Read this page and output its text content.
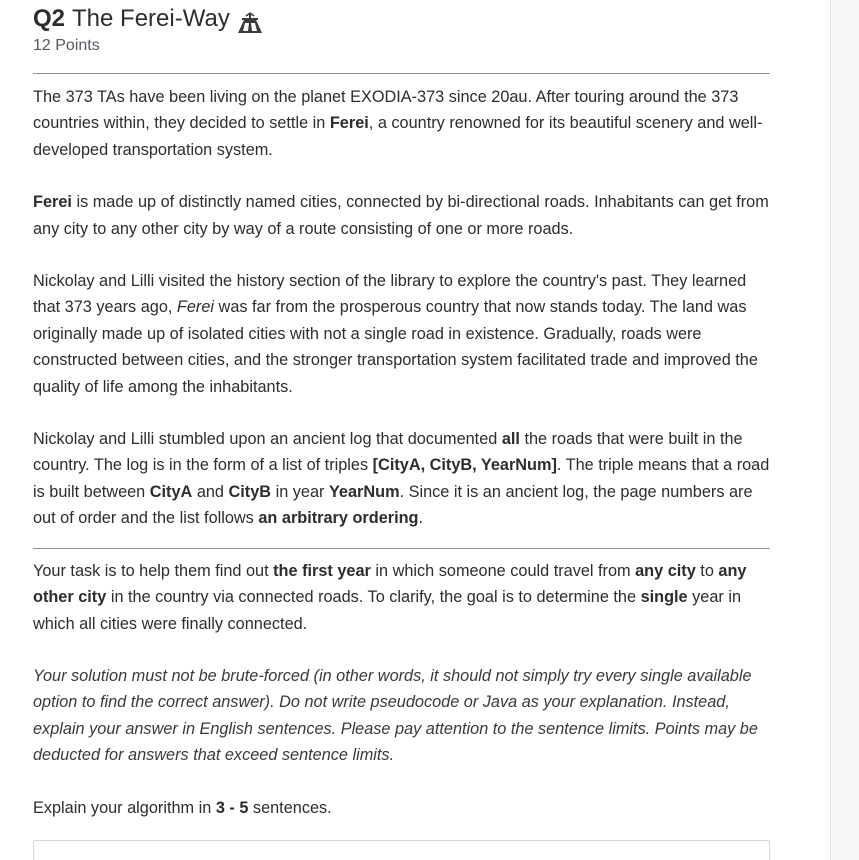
Q2 The Ferei-Way
12 Points

The 373 TAs have been living on the planet EXODIA-373 since 20au. After touring around the 373 countries within, they decided to settle in Ferei, a country renowned for its beautiful scenery and well-developed transportation system.

Ferei is made up of distinctly named cities, connected by bi-directional roads. Inhabitants can get from any city to any other city by way of a route consisting of one or more roads.

Nickolay and Lilli visited the history section of the library to explore the country's past. They learned that 373 years ago, Ferei was far from the prosperous country that now stands today. The land was originally made up of isolated cities with not a single road in existence. Gradually, roads were constructed between cities, and the stronger transportation system facilitated trade and improved the quality of life among the inhabitants.

Nickolay and Lilli stumbled upon an ancient log that documented all the roads that were built in the country. The log is in the form of a list of triples [CityA, CityB, YearNum]. The triple means that a road is built between CityA and CityB in year YearNum. Since it is an ancient log, the page numbers are out of order and the list follows an arbitrary ordering.

Your task is to help them find out the first year in which someone could travel from any city to any other city in the country via connected roads. To clarify, the goal is to determine the single year in which all cities were finally connected.

Your solution must not be brute-forced (in other words, it should not simply try every single available option to find the correct answer). Do not write pseudocode or Java as your explanation. Instead, explain your answer in English sentences. Please pay attention to the sentence limits. Points may be deducted for answers that exceed sentence limits.

Explain your algorithm in 3 - 5 sentences.
